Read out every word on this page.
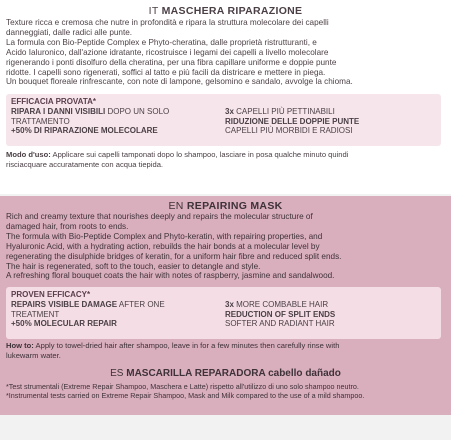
IT MASCHERA RIPARAZIONE

Texture ricca e cremosa che nutre in profondità e ripara la struttura molecolare dei capelli

danneggiati, dalle radici alle punte.

La formula con Bio-Peptide Complex e Phyto-cheratina, dalle proprietà ristrutturanti, e

Acido Ialuronico, dall'azione idratante, ricostruisce i legami dei capelli a livello molecolare

rigenerando i ponti disolfuro della cheratina, per una fibra capillare uniforme e doppie punte

ridotte. I capelli sono rigenerati, soffici al tatto e più facili da districare e mettere in piega.

Un bouquet floreale rinfrescante, con note di lampone, gelsomino e sandalo, avvolge la chioma.

EFFICACIA PROVATA*
RIPARA I DANNI VISIBILI DOPO UN SOLO
TRATTAMENTO
+50% DI RIPARAZIONE MOLECOLARE
3x CAPELLI PIÙ PETTINABILI
RIDUZIONE DELLE DOPPIE PUNTE
CAPELLI PIÙ MORBIDI E RADIOSI
Modo d'uso: Applicare sui capelli tamponati dopo lo shampoo, lasciare in posa qualche minuto quindi
risciacquare accuratamente con acqua tiepida.
EN REPAIRING MASK

Rich and creamy texture that nourishes deeply and repairs the molecular structure of

damaged hair, from roots to ends.

The formula with Bio-Peptide Complex and Phyto-keratin, with repairing properties, and

Hyaluronic Acid, with a hydrating action, rebuilds the hair bonds at a molecular level by

regenerating the disulphide bridges of keratin, for a uniform hair fibre and reduced split ends.

The hair is regenerated, soft to the touch, easier to detangle and style.

A refreshing floral bouquet coats the hair with notes of raspberry, jasmine and sandalwood.

PROVEN EFFICACY*
REPAIRS VISIBLE DAMAGE AFTER ONE
TREATMENT
+50% MOLECULAR REPAIR
3x MORE COMBABLE HAIR
REDUCTION OF SPLIT ENDS
SOFTER AND RADIANT HAIR
How to: Apply to towel-dried hair after shampoo, leave in for a few minutes then carefully rinse with
lukewarm water.
ES MASCARILLA REPARADORA cabello dañado

*Test strumentali (Extreme Repair Shampoo, Maschera e Latte) rispetto all'utilizzo di uno solo shampoo neutro.

*Instrumental tests carried on Extreme Repair Shampoo, Mask and Milk compared to the use of a mild shampoo.
